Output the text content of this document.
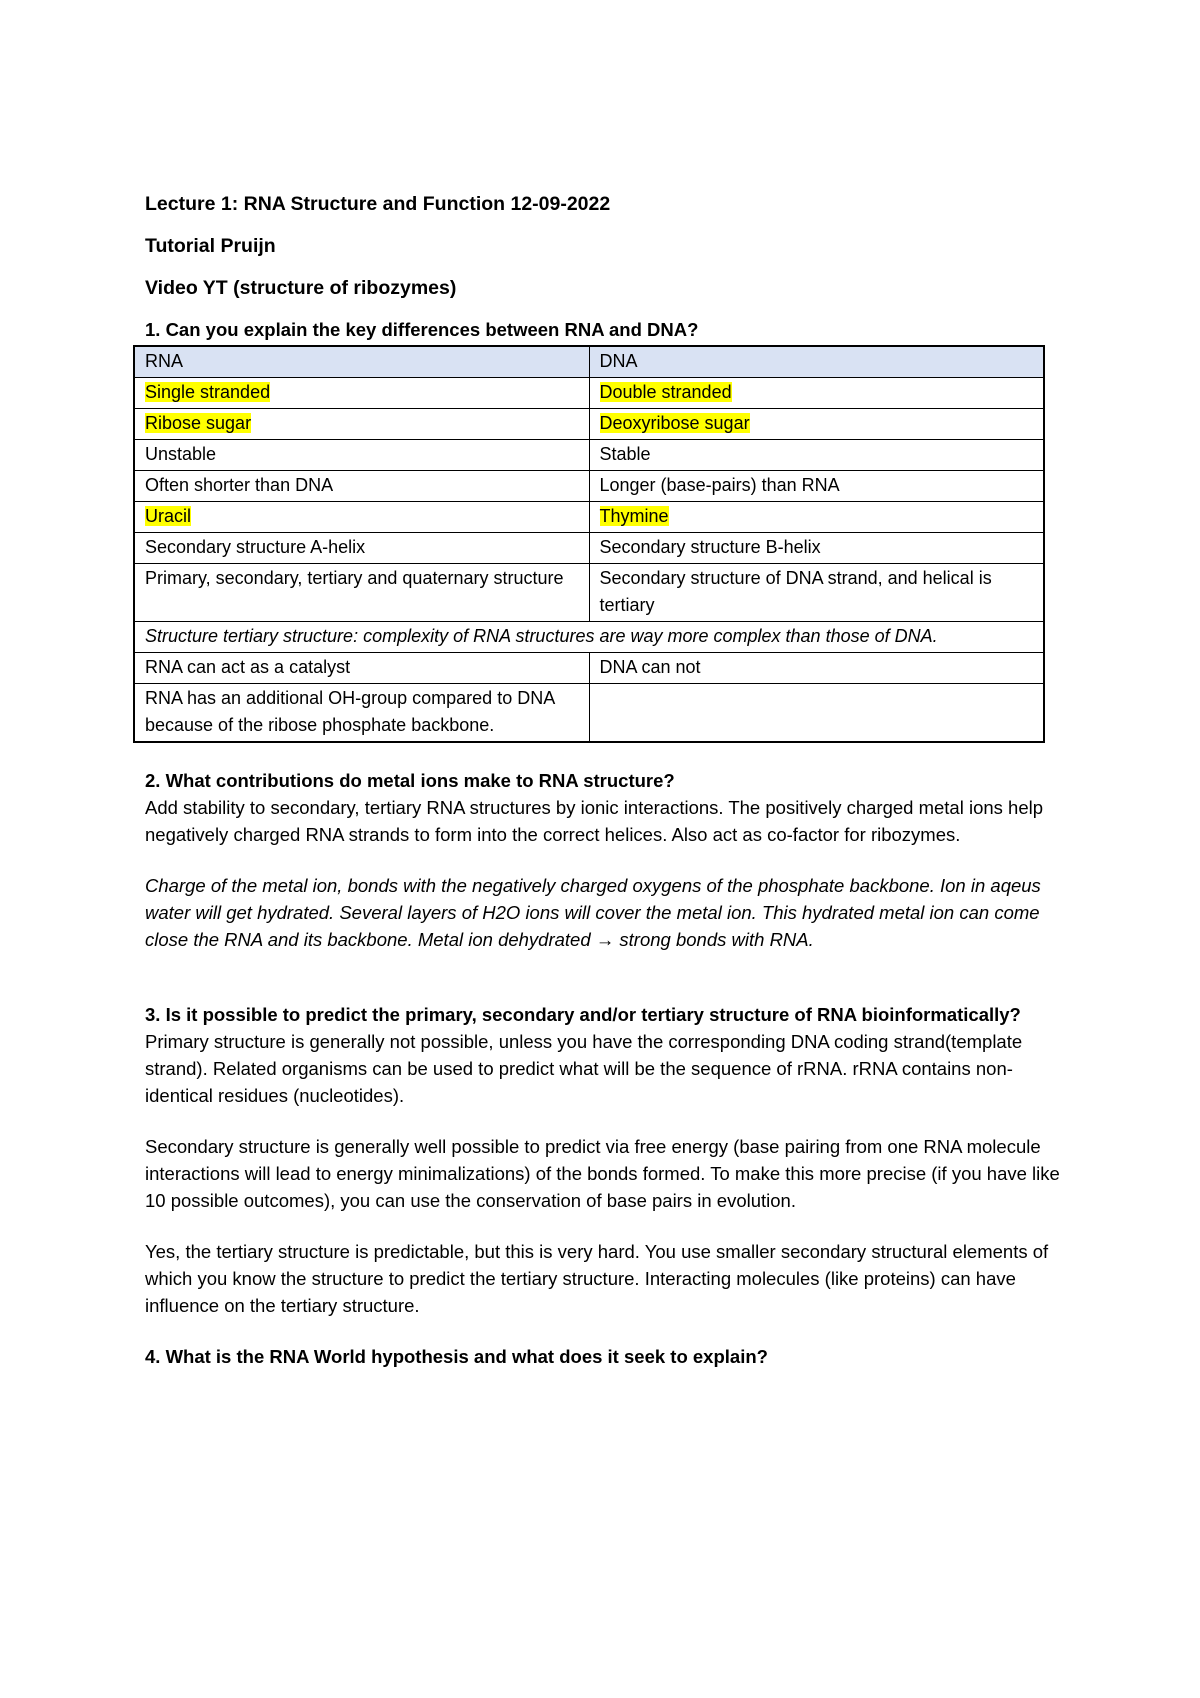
Lecture 1: RNA Structure and Function 12-09-2022

Tutorial Pruijn

Video YT (structure of ribozymes)

1. Can you explain the key differences between RNA and DNA?

RNA	DNA
Single stranded	Double stranded
Ribose sugar	Deoxyribose sugar
Unstable	Stable
Often shorter than DNA	Longer (base-pairs) than RNA
Uracil	Thymine
Secondary structure A-helix	Secondary structure B-helix
Primary, secondary, tertiary and quaternary structure	Secondary structure of DNA strand, and helical is tertiary
Structure tertiary structure: complexity of RNA structures are way more complex than those of DNA.	
RNA can act as a catalyst	DNA can not
RNA has an additional OH-group compared to DNA because of the ribose phosphate backbone.	

2. What contributions do metal ions make to RNA structure?

Add stability to secondary, tertiary RNA structures by ionic interactions. The positively charged metal ions help negatively charged RNA strands to form into the correct helices. Also act as co-factor for ribozymes.

Charge of the metal ion, bonds with the negatively charged oxygens of the phosphate backbone. Ion in aqeus water will get hydrated. Several layers of H2O ions will cover the metal ion. This hydrated metal ion can come close the RNA and its backbone. Metal ion dehydrated → strong bonds with RNA.

3. Is it possible to predict the primary, secondary and/or tertiary structure of RNA bioinformatically?

Primary structure is generally not possible, unless you have the corresponding DNA coding strand(template strand). Related organisms can be used to predict what will be the sequence of rRNA. rRNA contains non-identical residues (nucleotides).

Secondary structure is generally well possible to predict via free energy (base pairing from one RNA molecule interactions will lead to energy minimalizations) of the bonds formed. To make this more precise (if you have like 10 possible outcomes), you can use the conservation of base pairs in evolution.

Yes, the tertiary structure is predictable, but this is very hard. You use smaller secondary structural elements of which you know the structure to predict the tertiary structure. Interacting molecules (like proteins) can have influence on the tertiary structure.

4. What is the RNA World hypothesis and what does it seek to explain?
